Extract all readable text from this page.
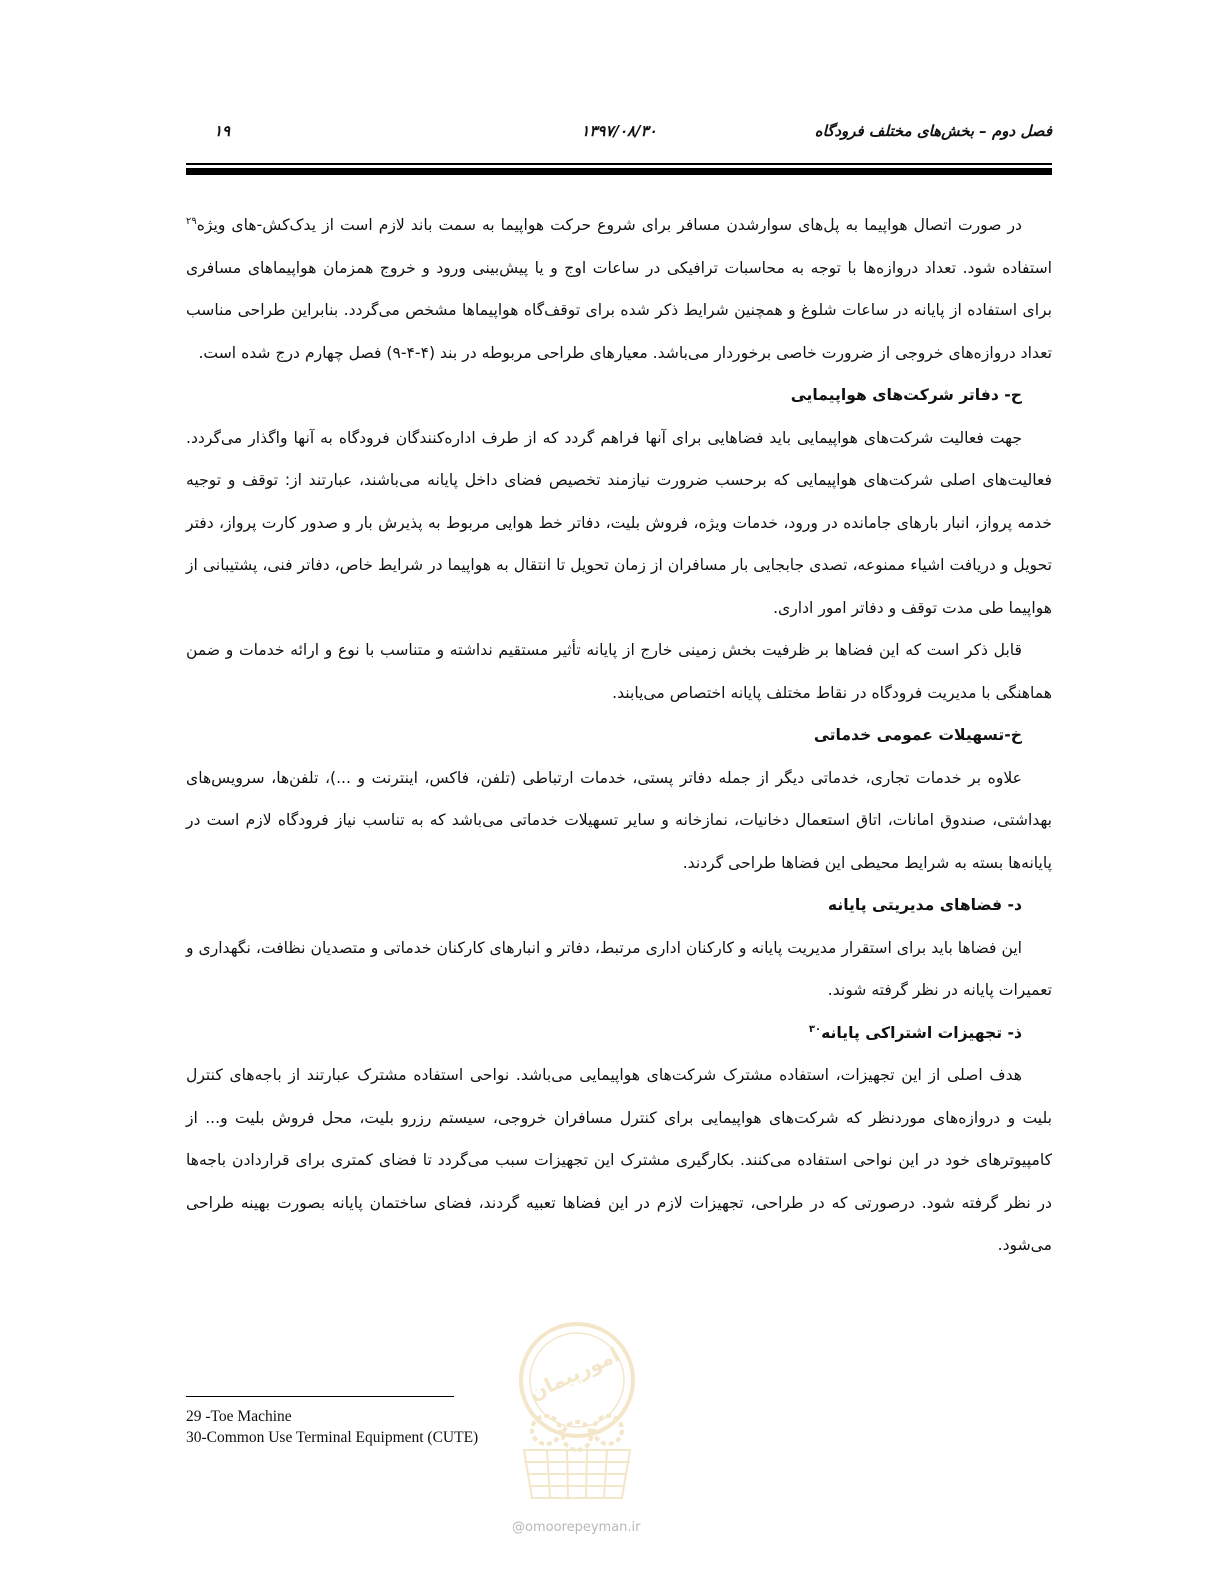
فصل دوم – بخش‌های مختلف فرودگاه
۱۳۹۷/۰۸/۳۰
۱۹

در صورت اتصال هواپیما به پل‌های سوارشدن مسافر برای شروع حرکت هواپیما به سمت باند لازم است از یدک‌کش-های ویژه$^{۲۹}$ استفاده شود. تعداد دروازه‌ها با توجه به محاسبات ترافیکی در ساعات اوج و یا پیش‌بینی ورود و خروج همزمان هواپیماهای مسافری برای استفاده از پایانه در ساعات شلوغ و همچنین شرایط ذکر شده برای توقف‌گاه هواپیماها مشخص می‌گردد. بنابراین طراحی مناسب تعداد دروازه‌های خروجی از ضرورت خاصی برخوردار می‌باشد. معیارهای طراحی مربوطه در بند (۴-۴-۹) فصل چهارم درج شده است.

ح- دفاتر شرکت‌های هواپیمایی

جهت فعالیت شرکت‌های هواپیمایی باید فضاهایی برای آنها فراهم گردد که از طرف اداره‌کنندگان فرودگاه به آنها واگذار می‌گردد. فعالیت‌های اصلی شرکت‌های هواپیمایی که برحسب ضرورت نیازمند تخصیص فضای داخل پایانه می‌باشند، عبارتند از: توقف و توجیه خدمه پرواز، انبار بارهای جامانده در ورود، خدمات ویژه، فروش بلیت، دفاتر خط هوایی مربوط به پذیرش بار و صدور کارت پرواز، دفتر تحویل و دریافت اشیاء ممنوعه، تصدی جابجایی بار مسافران از زمان تحویل تا انتقال به هواپیما در شرایط خاص، دفاتر فنی، پشتیبانی از هواپیما طی مدت توقف و دفاتر امور اداری.

قابل ذکر است که این فضاها بر ظرفیت بخش زمینی خارج از پایانه تأثیر مستقیم نداشته و متناسب با نوع و ارائه خدمات و ضمن هماهنگی با مدیریت فرودگاه در نقاط مختلف پایانه اختصاص می‌یابند.

خ-تسهیلات عمومی خدماتی

علاوه بر خدمات تجاری، خدماتی دیگر از جمله دفاتر پستی، خدمات ارتباطی (تلفن، فاکس، اینترنت و ...)، تلفن‌ها، سرویس‌های بهداشتی، صندوق امانات، اتاق استعمال دخانیات، نمازخانه و سایر تسهیلات خدماتی می‌باشد که به تناسب نیاز فرودگاه لازم است در پایانه‌ها بسته به شرایط محیطی این فضاها طراحی گردند.

د- فضاهای مدیریتی پایانه

این فضاها باید برای استقرار مدیریت پایانه و کارکنان اداری مرتبط، دفاتر و انبارهای کارکنان خدماتی و متصدیان نظافت، نگهداری و تعمیرات پایانه در نظر گرفته شوند.

ذ- تجهیزات اشتراکی پایانه$^{۳۰}$

هدف اصلی از این تجهیزات، استفاده مشترک شرکت‌های هواپیمایی می‌باشد. نواحی استفاده مشترک عبارتند از باجه‌های کنترل بلیت و دروازه‌های موردنظر که شرکت‌های هواپیمایی برای کنترل مسافران خروجی، سیستم رزرو بلیت، محل فروش بلیت و... از کامپیوترهای خود در این نواحی استفاده می‌کنند. بکارگیری مشترک این تجهیزات سبب می‌گردد تا فضای کمتری برای قراردادن باجه‌ها در نظر گرفته شود. درصورتی که در طراحی، تجهیزات لازم در این فضاها تعبیه گردند، فضای ساختمان پایانه بصورت بهینه طراحی می‌شود.

29 -Toe Machine
30-Common Use Terminal Equipment (CUTE)
امورپیمان
@omoorepeyman.ir
